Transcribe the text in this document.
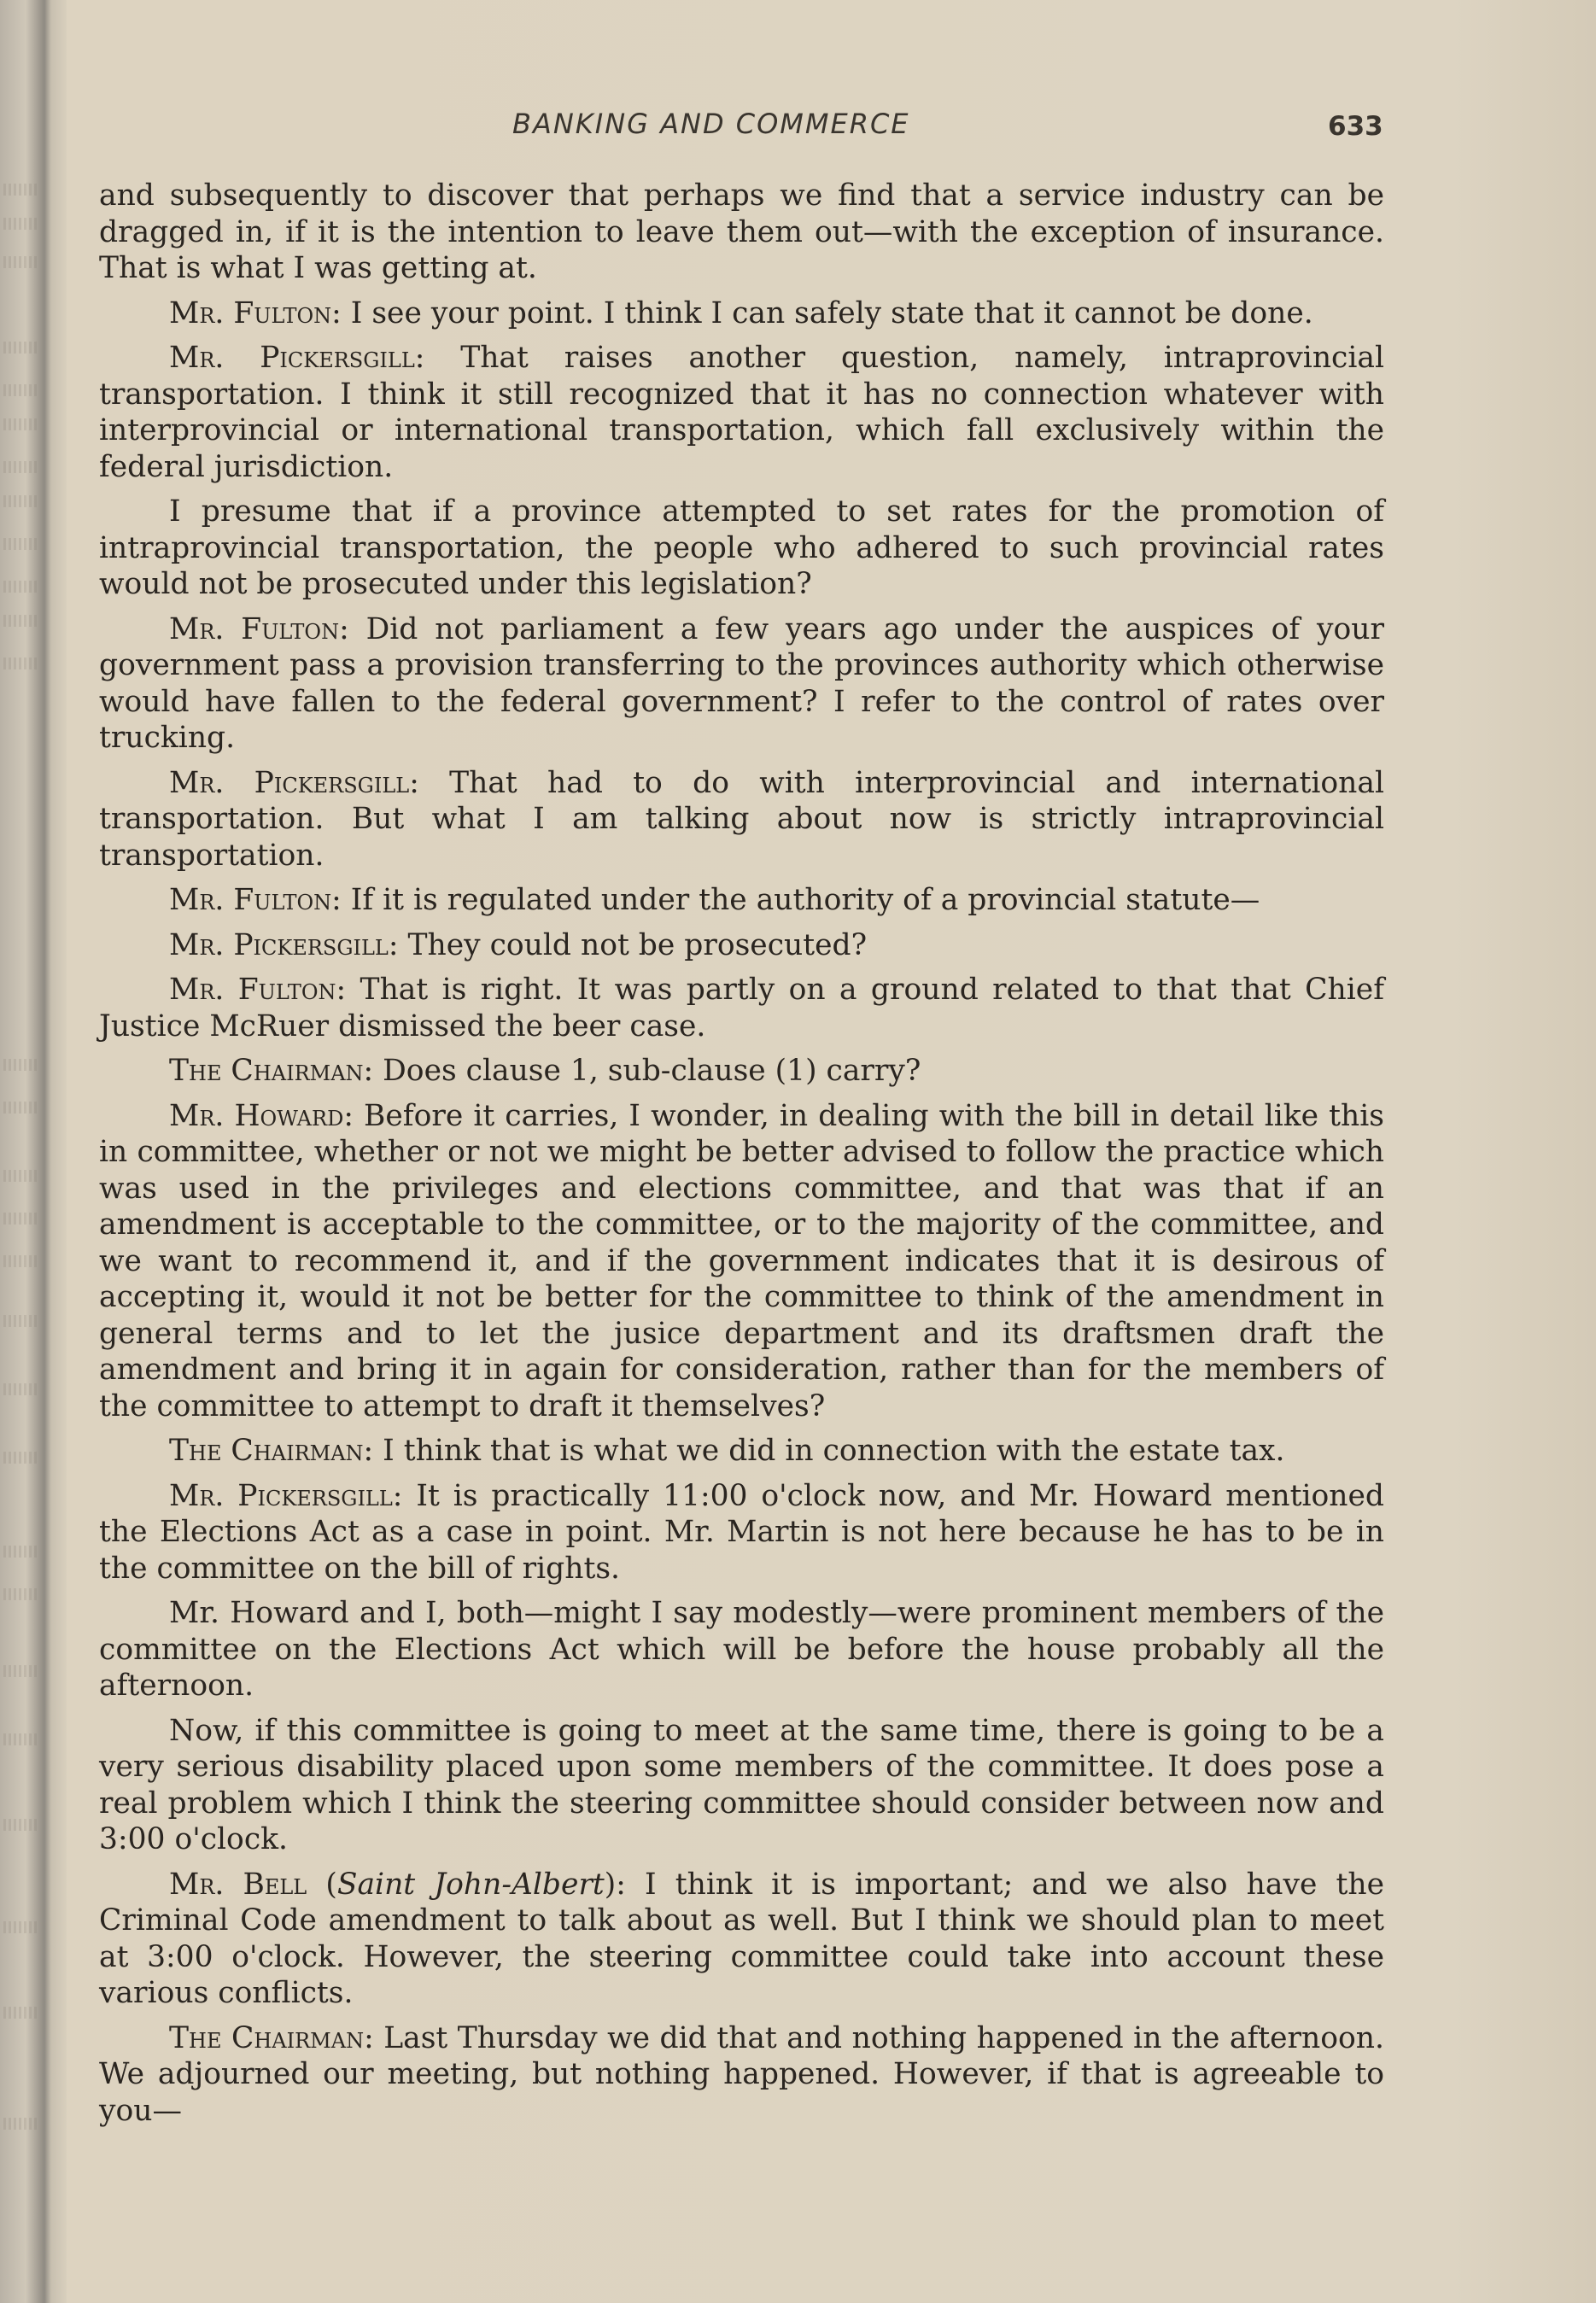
BANKING AND COMMERCE	633

and subsequently to discover that perhaps we find that a service industry can be dragged in, if it is the intention to leave them out—with the exception of insurance. That is what I was getting at.

Mr. Fulton: I see your point. I think I can safely state that it cannot be done.

Mr. Pickersgill: That raises another question, namely, intraprovincial transportation. I think it still recognized that it has no connection whatever with interprovincial or international transportation, which fall exclusively within the federal jurisdiction.

I presume that if a province attempted to set rates for the promotion of intraprovincial transportation, the people who adhered to such provincial rates would not be prosecuted under this legislation?

Mr. Fulton: Did not parliament a few years ago under the auspices of your government pass a provision transferring to the provinces authority which otherwise would have fallen to the federal government? I refer to the control of rates over trucking.

Mr. Pickersgill: That had to do with interprovincial and international transportation. But what I am talking about now is strictly intraprovincial transportation.

Mr. Fulton: If it is regulated under the authority of a provincial statute—

Mr. Pickersgill: They could not be prosecuted?

Mr. Fulton: That is right. It was partly on a ground related to that that Chief Justice McRuer dismissed the beer case.

The Chairman: Does clause 1, sub-clause (1) carry?

Mr. Howard: Before it carries, I wonder, in dealing with the bill in detail like this in committee, whether or not we might be better advised to follow the practice which was used in the privileges and elections committee, and that was that if an amendment is acceptable to the committee, or to the majority of the committee, and we want to recommend it, and if the government indicates that it is desirous of accepting it, would it not be better for the committee to think of the amendment in general terms and to let the jusice department and its draftsmen draft the amendment and bring it in again for consideration, rather than for the members of the committee to attempt to draft it themselves?

The Chairman: I think that is what we did in connection with the estate tax.

Mr. Pickersgill: It is practically 11:00 o'clock now, and Mr. Howard mentioned the Elections Act as a case in point. Mr. Martin is not here because he has to be in the committee on the bill of rights.

Mr. Howard and I, both—might I say modestly—were prominent members of the committee on the Elections Act which will be before the house probably all the afternoon.

Now, if this committee is going to meet at the same time, there is going to be a very serious disability placed upon some members of the committee. It does pose a real problem which I think the steering committee should consider between now and 3:00 o'clock.

Mr. Bell (Saint John-Albert): I think it is important; and we also have the Criminal Code amendment to talk about as well. But I think we should plan to meet at 3:00 o'clock. However, the steering committee could take into account these various conflicts.

The Chairman: Last Thursday we did that and nothing happened in the afternoon. We adjourned our meeting, but nothing happened. However, if that is agreeable to you—
